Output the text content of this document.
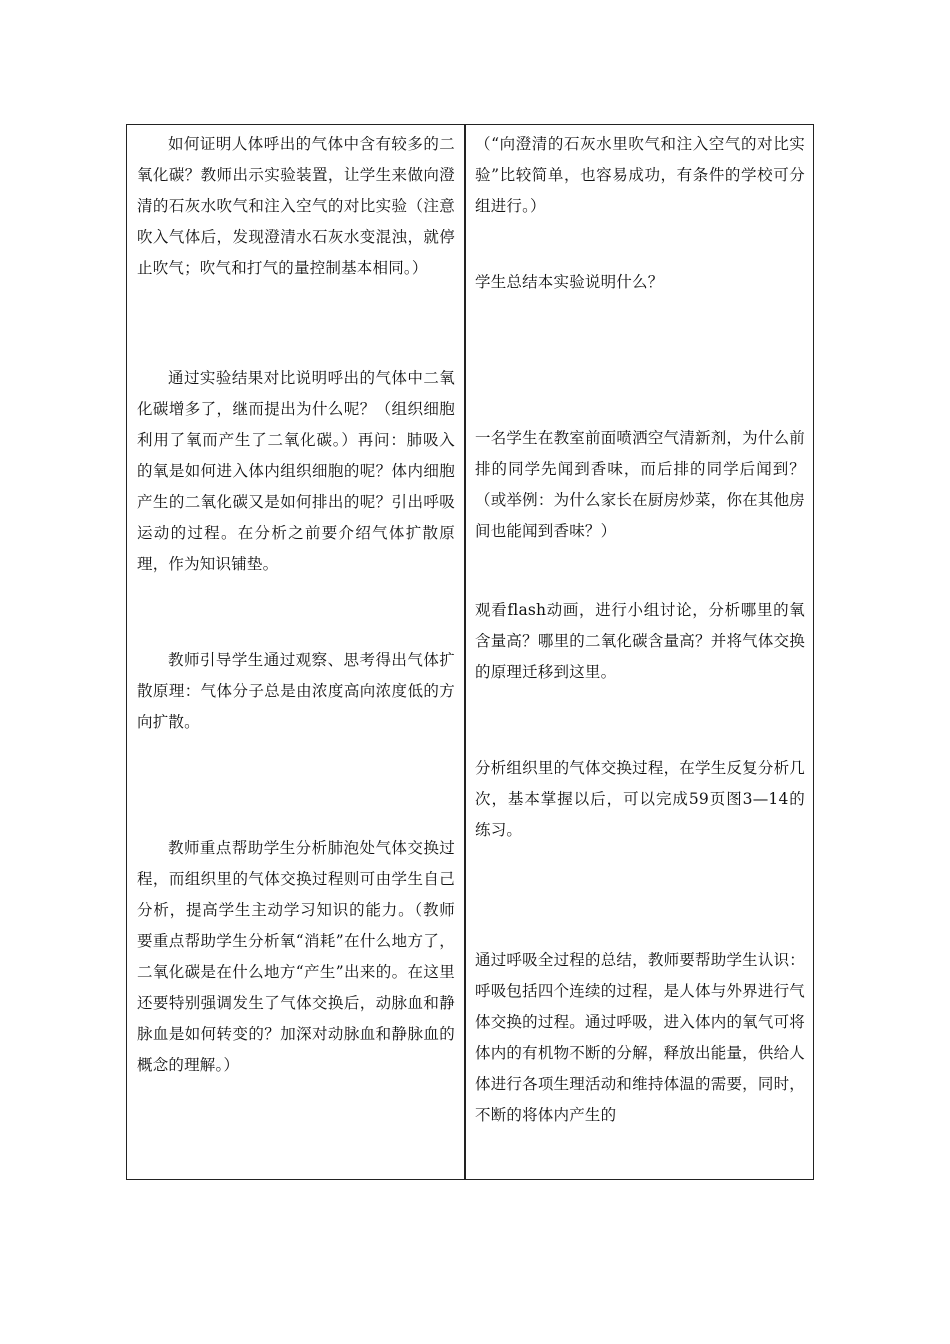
如何证明人体呼出的气体中含有较多的二氧化碳？教师出示实验装置，让学生来做向澄清的石灰水吹气和注入空气的对比实验（注意吹入气体后，发现澄清水石灰水变混浊，就停止吹气；吹气和打气的量控制基本相同。）

通过实验结果对比说明呼出的气体中二氧化碳增多了，继而提出为什么呢？（组织细胞利用了氧而产生了二氧化碳。）再问：肺吸入的氧是如何进入体内组织细胞的呢？体内细胞产生的二氧化碳又是如何排出的呢？引出呼吸运动的过程。在分析之前要介绍气体扩散原理，作为知识铺垫。

教师引导学生通过观察、思考得出气体扩散原理：气体分子总是由浓度高向浓度低的方向扩散。

教师重点帮助学生分析肺泡处气体交换过程，而组织里的气体交换过程则可由学生自己分析，提高学生主动学习知识的能力。（教师要重点帮助学生分析氧“消耗”在什么地方了，二氧化碳是在什么地方“产生”出来的。在这里还要特别强调发生了气体交换后，动脉血和静脉血是如何转变的？加深对动脉血和静脉血的概念的理解。）

（“向澄清的石灰水里吹气和注入空气的对比实验”比较简单，也容易成功，有条件的学校可分组进行。）

学生总结本实验说明什么？

一名学生在教室前面喷洒空气清新剂，为什么前排的同学先闻到香味，而后排的同学后闻到？（或举例：为什么家长在厨房炒菜，你在其他房间也能闻到香味？）

观看flash动画，进行小组讨论，分析哪里的氧含量高？哪里的二氧化碳含量高？并将气体交换的原理迁移到这里。

分析组织里的气体交换过程，在学生反复分析几次，基本掌握以后，可以完成59页图3—14的练习。

通过呼吸全过程的总结，教师要帮助学生认识：呼吸包括四个连续的过程，是人体与外界进行气体交换的过程。通过呼吸，进入体内的氧气可将体内的有机物不断的分解，释放出能量，供给人体进行各项生理活动和维持体温的需要，同时，不断的将体内产生的
